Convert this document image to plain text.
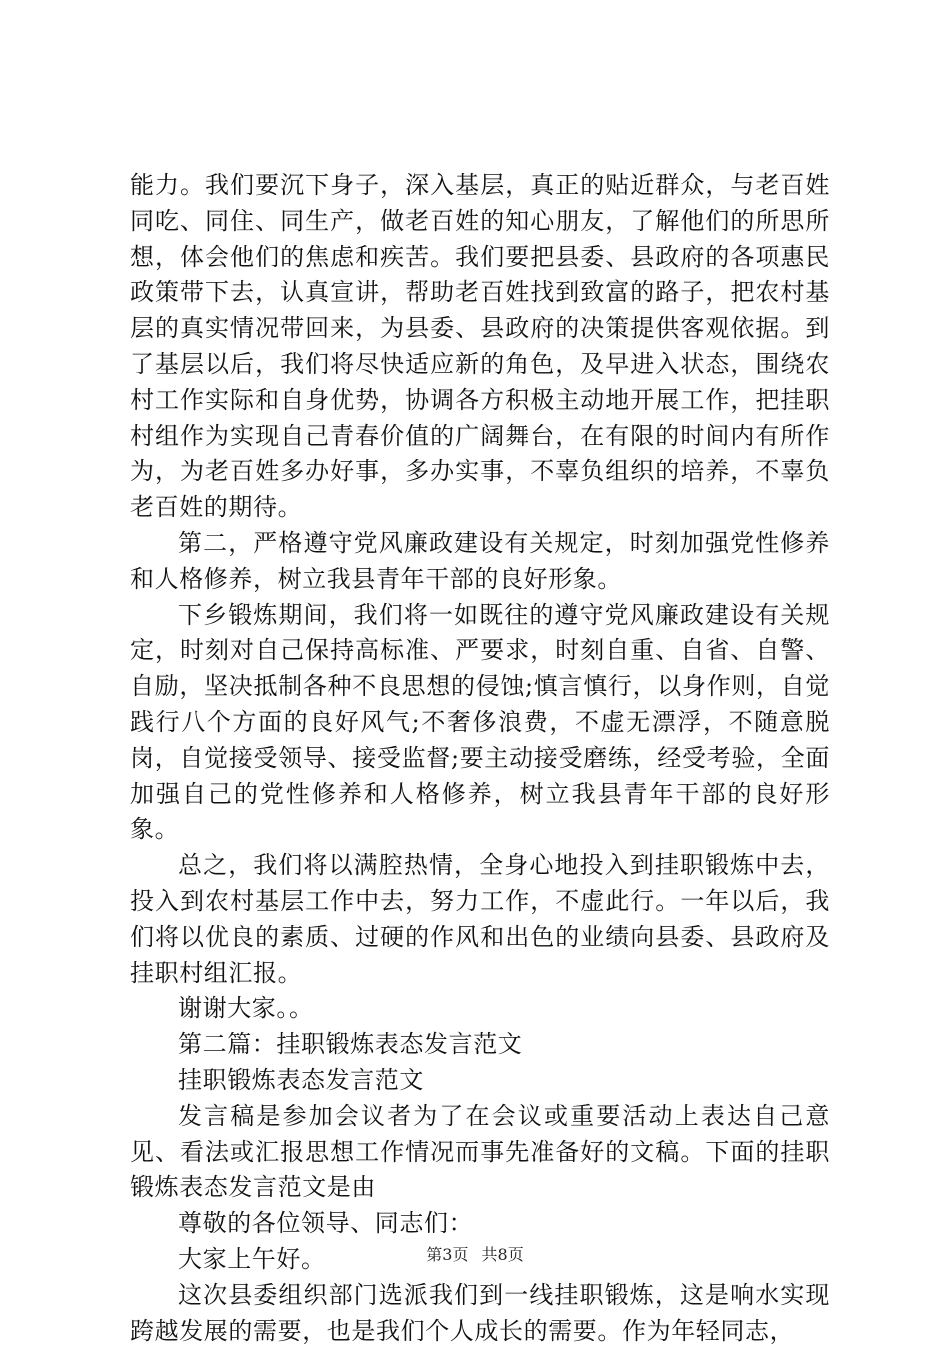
能力。我们要沉下身子，深入基层，真正的贴近群众，与老百姓同吃、同住、同生产，做老百姓的知心朋友，了解他们的所思所想，体会他们的焦虑和疾苦。我们要把县委、县政府的各项惠民政策带下去，认真宣讲，帮助老百姓找到致富的路子，把农村基层的真实情况带回来，为县委、县政府的决策提供客观依据。到了基层以后，我们将尽快适应新的角色，及早进入状态，围绕农村工作实际和自身优势，协调各方积极主动地开展工作，把挂职村组作为实现自己青春价值的广阔舞台，在有限的时间内有所作为，为老百姓多办好事，多办实事，不辜负组织的培养，不辜负老百姓的期待。

第二，严格遵守党风廉政建设有关规定，时刻加强党性修养和人格修养，树立我县青年干部的良好形象。

下乡锻炼期间，我们将一如既往的遵守党风廉政建设有关规定，时刻对自己保持高标准、严要求，时刻自重、自省、自警、自励，坚决抵制各种不良思想的侵蚀;慎言慎行，以身作则，自觉践行八个方面的良好风气;不奢侈浪费，不虚无漂浮，不随意脱岗，自觉接受领导、接受监督;要主动接受磨练，经受考验，全面加强自己的党性修养和人格修养，树立我县青年干部的良好形象。

总之，我们将以满腔热情，全身心地投入到挂职锻炼中去，投入到农村基层工作中去，努力工作，不虚此行。一年以后，我们将以优良的素质、过硬的作风和出色的业绩向县委、县政府及挂职村组汇报。

谢谢大家。。

第二篇：挂职锻炼表态发言范文

挂职锻炼表态发言范文

发言稿是参加会议者为了在会议或重要活动上表达自己意见、看法或汇报思想工作情况而事先准备好的文稿。下面的挂职锻炼表态发言范文是由

尊敬的各位领导、同志们：

大家上午好。

这次县委组织部门选派我们到一线挂职锻炼，这是响水实现跨越发展的需要，也是我们个人成长的需要。作为年轻同志，

第3页 共8页
